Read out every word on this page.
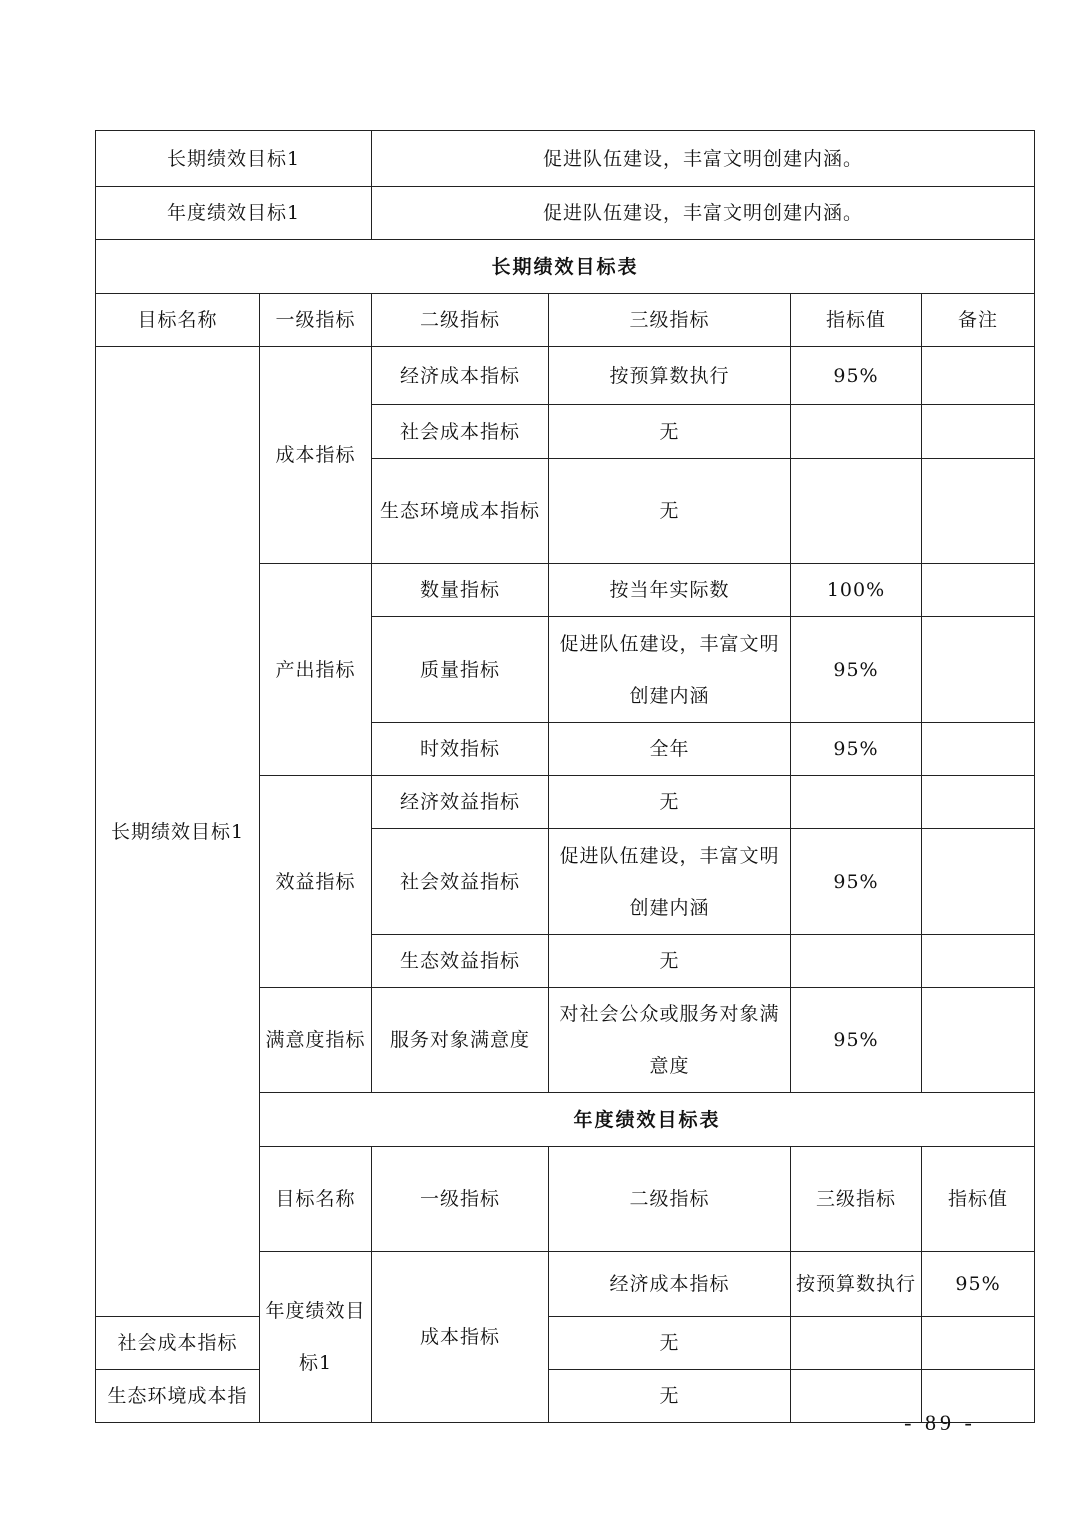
长期绩效目标1		促进队伍建设，丰富文明创建内涵。				
年度绩效目标1		促进队伍建设，丰富文明创建内涵。				
长期绩效目标表						
目标名称	一级指标	二级指标	三级指标	指标值	备注	
长期绩效目标1	成本指标	经济成本指标	按预算数执行	95%		
		社会成本指标	无			
		生态环境成本指标	无			
	产出指标	数量指标	按当年实际数	100%		
		质量指标	促进队伍建设，丰富文明创建内涵	95%		
		时效指标	全年	95%		
	效益指标	经济效益指标	无			
		社会效益指标	促进队伍建设，丰富文明创建内涵	95%		
		生态效益指标	无			
	满意度指标	服务对象满意度	对社会公众或服务对象满意度	95%		
	年度绩效目标表					
	目标名称	一级指标	二级指标	三级指标	指标值	
	年度绩效目标1	成本指标	经济成本指标	按预算数执行	95%	
社会成本指标			无			
生态环境成本指			无			
- 89 -
